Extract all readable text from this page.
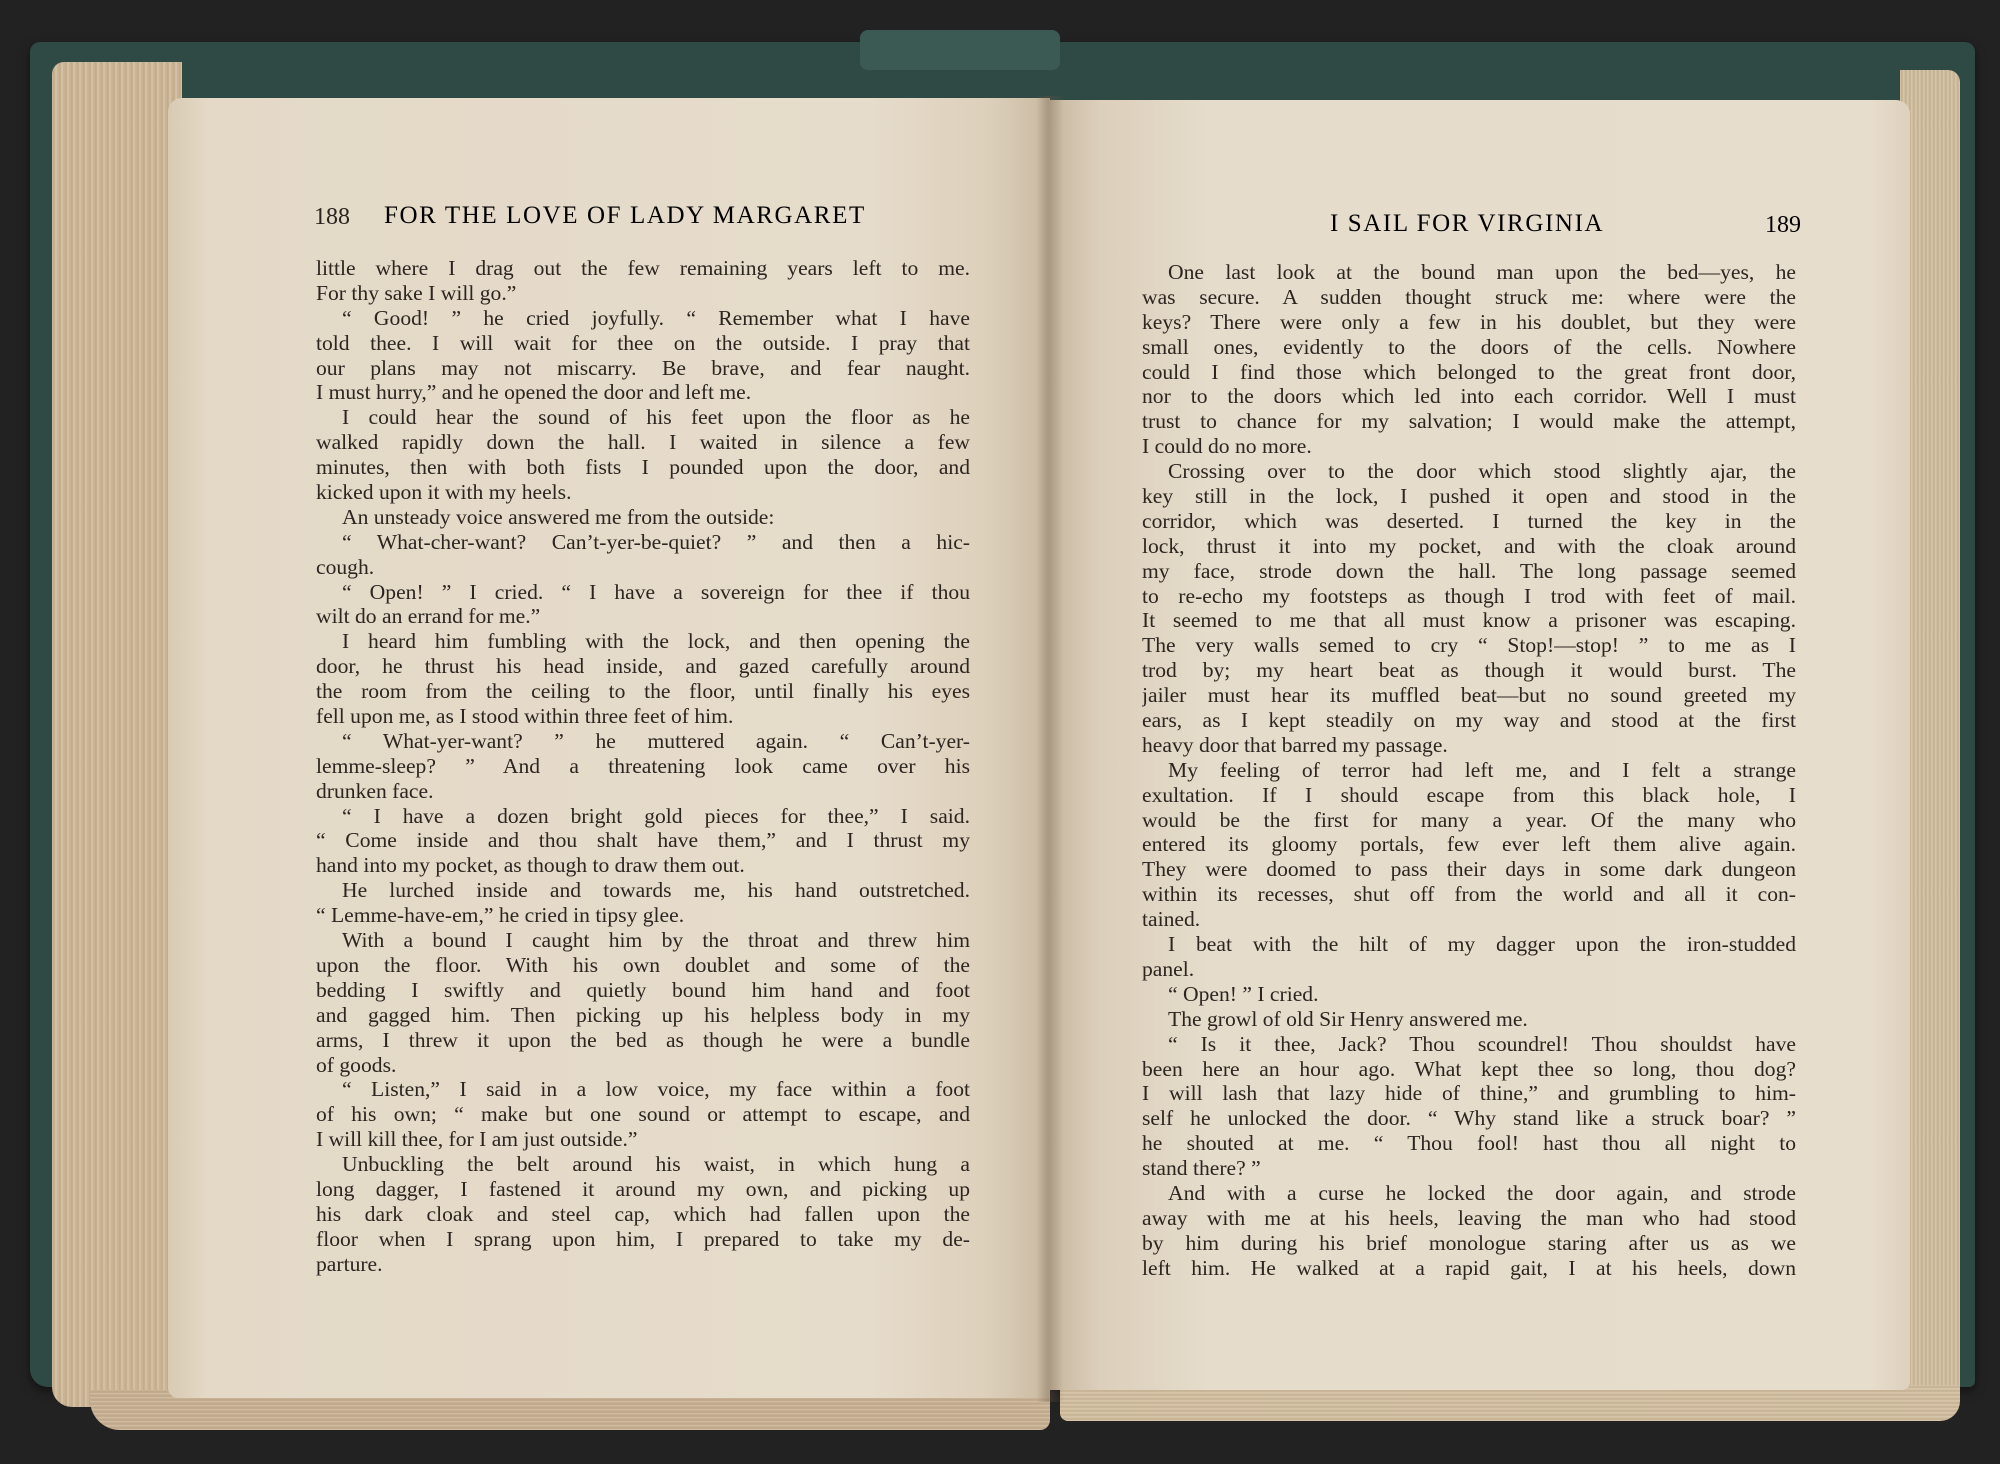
188 FOR THE LOVE OF LADY MARGARET	I SAIL FOR VIRGINIA	189
little where I drag out the few remaining years left to me.
For thy sake I will go.”
“ Good! ” he cried joyfully. “ Remember what I have
told thee. I will wait for thee on the outside. I pray that
our plans may not miscarry. Be brave, and fear naught.
I must hurry,” and he opened the door and left me.
I could hear the sound of his feet upon the floor as he
walked rapidly down the hall. I waited in silence a few
minutes, then with both fists I pounded upon the door, and
kicked upon it with my heels.
An unsteady voice answered me from the outside:
“ What-cher-want? Can’t-yer-be-quiet? ” and then a hic-
cough.
“ Open! ” I cried. “ I have a sovereign for thee if thou
wilt do an errand for me.”
I heard him fumbling with the lock, and then opening the
door, he thrust his head inside, and gazed carefully around
the room from the ceiling to the floor, until finally his eyes
fell upon me, as I stood within three feet of him.
“ What-yer-want? ” he muttered again. “ Can’t-yer-
lemme-sleep? ” And a threatening look came over his
drunken face.
“ I have a dozen bright gold pieces for thee,” I said.
“ Come inside and thou shalt have them,” and I thrust my
hand into my pocket, as though to draw them out.
He lurched inside and towards me, his hand outstretched.
“ Lemme-have-em,” he cried in tipsy glee.
With a bound I caught him by the throat and threw him
upon the floor. With his own doublet and some of the
bedding I swiftly and quietly bound him hand and foot
and gagged him. Then picking up his helpless body in my
arms, I threw it upon the bed as though he were a bundle
of goods.
“ Listen,” I said in a low voice, my face within a foot
of his own; “ make but one sound or attempt to escape, and
I will kill thee, for I am just outside.”
Unbuckling the belt around his waist, in which hung a
long dagger, I fastened it around my own, and picking up
his dark cloak and steel cap, which had fallen upon the
floor when I sprang upon him, I prepared to take my de-
parture.
One last look at the bound man upon the bed—yes, he
was secure. A sudden thought struck me: where were the
keys? There were only a few in his doublet, but they were
small ones, evidently to the doors of the cells. Nowhere
could I find those which belonged to the great front door,
nor to the doors which led into each corridor. Well I must
trust to chance for my salvation; I would make the attempt,
I could do no more.
Crossing over to the door which stood slightly ajar, the
key still in the lock, I pushed it open and stood in the
corridor, which was deserted. I turned the key in the
lock, thrust it into my pocket, and with the cloak around
my face, strode down the hall. The long passage seemed
to re-echo my footsteps as though I trod with feet of mail.
It seemed to me that all must know a prisoner was escaping.
The very walls semed to cry “ Stop!—stop! ” to me as I
trod by; my heart beat as though it would burst. The
jailer must hear its muffled beat—but no sound greeted my
ears, as I kept steadily on my way and stood at the first
heavy door that barred my passage.
My feeling of terror had left me, and I felt a strange
exultation. If I should escape from this black hole, I
would be the first for many a year. Of the many who
entered its gloomy portals, few ever left them alive again.
They were doomed to pass their days in some dark dungeon
within its recesses, shut off from the world and all it con-
tained.
I beat with the hilt of my dagger upon the iron-studded
panel.
“ Open! ” I cried.
The growl of old Sir Henry answered me.
“ Is it thee, Jack? Thou scoundrel! Thou shouldst have
been here an hour ago. What kept thee so long, thou dog?
I will lash that lazy hide of thine,” and grumbling to him-
self he unlocked the door. “ Why stand like a struck boar? ”
he shouted at me. “ Thou fool! hast thou all night to
stand there? ”
And with a curse he locked the door again, and strode
away with me at his heels, leaving the man who had stood
by him during his brief monologue staring after us as we
left him. He walked at a rapid gait, I at his heels, down
